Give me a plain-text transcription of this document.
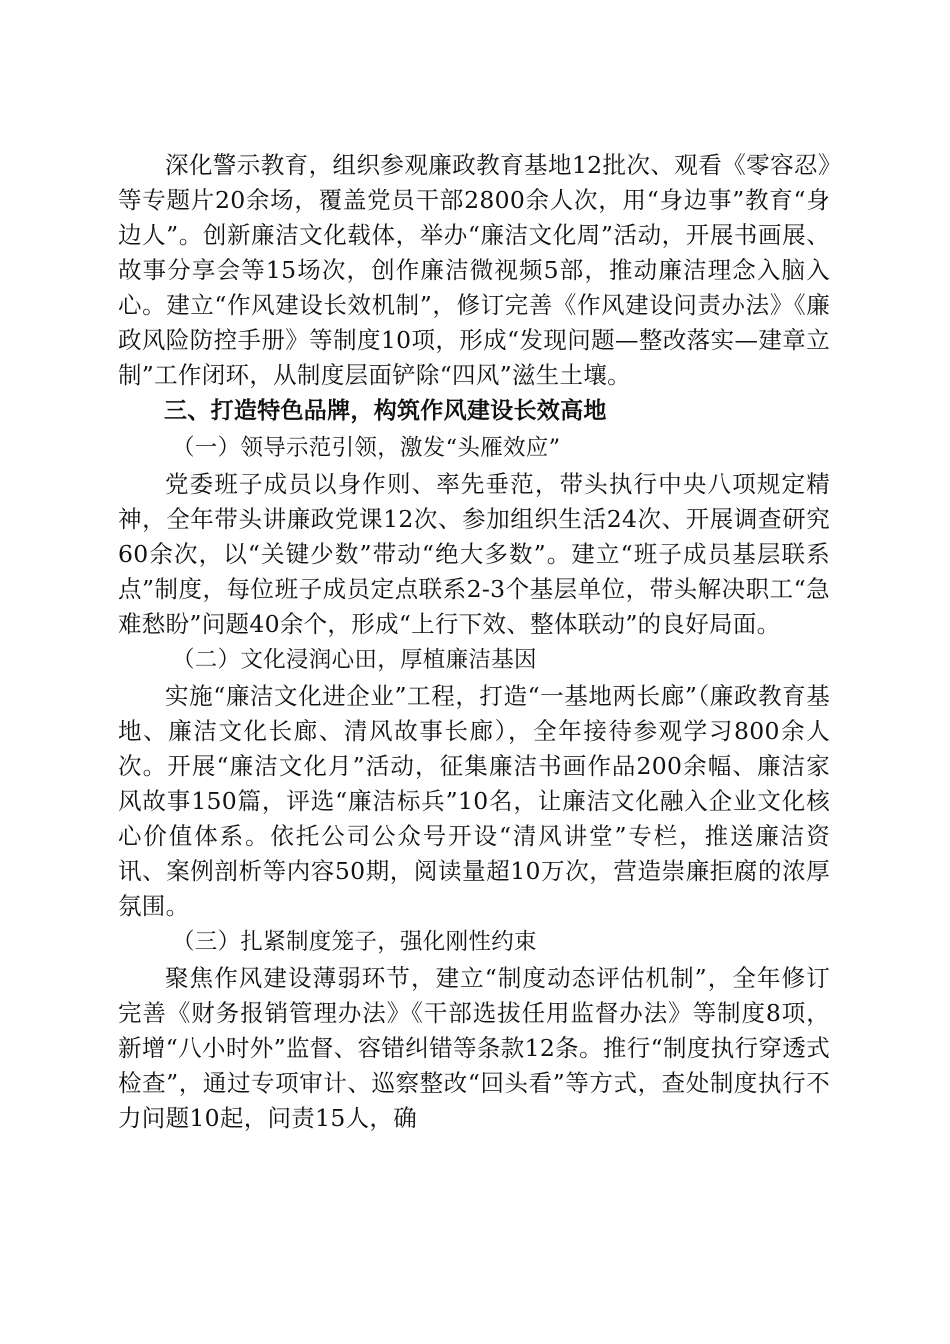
深化警示教育，组织参观廉政教育基地12批次、观看《零容忍》等专题片20余场，覆盖党员干部2800余人次，用“身边事”教育“身边人”。创新廉洁文化载体，举办“廉洁文化周”活动，开展书画展、故事分享会等15场次，创作廉洁微视频5部，推动廉洁理念入脑入心。建立“作风建设长效机制”，修订完善《作风建设问责办法》《廉政风险防控手册》等制度10项，形成“发现问题—整改落实—建章立制”工作闭环，从制度层面铲除“四风”滋生土壤。

三、打造特色品牌，构筑作风建设长效高地

（一）领导示范引领，激发“头雁效应”

党委班子成员以身作则、率先垂范，带头执行中央八项规定精神，全年带头讲廉政党课12次、参加组织生活24次、开展调查研究60余次，以“关键少数”带动“绝大多数”。建立“班子成员基层联系点”制度，每位班子成员定点联系2-3个基层单位，带头解决职工“急难愁盼”问题40余个，形成“上行下效、整体联动”的良好局面。

（二）文化浸润心田，厚植廉洁基因

实施“廉洁文化进企业”工程，打造“一基地两长廊”（廉政教育基地、廉洁文化长廊、清风故事长廊），全年接待参观学习800余人次。开展“廉洁文化月”活动，征集廉洁书画作品200余幅、廉洁家风故事150篇，评选“廉洁标兵”10名，让廉洁文化融入企业文化核心价值体系。依托公司公众号开设“清风讲堂”专栏，推送廉洁资讯、案例剖析等内容50期，阅读量超10万次，营造崇廉拒腐的浓厚氛围。

（三）扎紧制度笼子，强化刚性约束

聚焦作风建设薄弱环节，建立“制度动态评估机制”，全年修订完善《财务报销管理办法》《干部选拔任用监督办法》等制度8项，新增“八小时外”监督、容错纠错等条款12条。推行“制度执行穿透式检查”，通过专项审计、巡察整改“回头看”等方式，查处制度执行不力问题10起，问责15人，确
